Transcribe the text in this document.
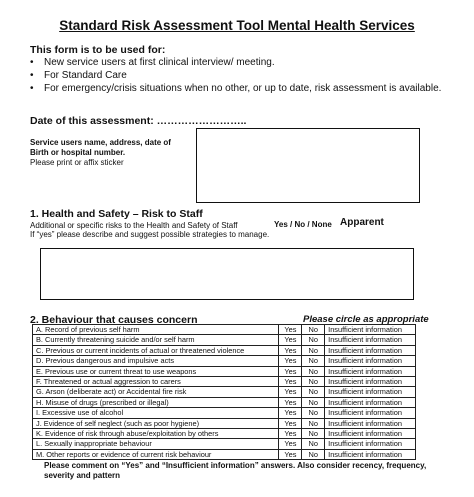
Standard Risk Assessment Tool Mental Health Services
This form is to be used for:
• New service users at first clinical interview/ meeting.
• For Standard Care
• For emergency/crisis situations when no other, or up to date, risk assessment is available.
Date of this assessment: ……………………..
Service users name, address, date of
Birth or hospital number.
Please print or affix sticker
1. Health and Safety – Risk to Staff
Additional or specific risks to the Health and Safety of Staff
If “yes” please describe and suggest possible strategies to manage.
Yes / No / None Apparent
2. Behaviour that causes concern	Please circle as appropriate
A. Record of previous self harm	Yes	No	Insufficient information
B. Currently threatening suicide and/or self harm	Yes	No	Insufficient information
C. Previous or current incidents of actual or threatened violence	Yes	No	Insufficient information
D. Previous dangerous and impulsive acts	Yes	No	Insufficient information
E. Previous use or current threat to use weapons	Yes	No	Insufficient information
F. Threatened or actual aggression to carers	Yes	No	Insufficient information
G. Arson (deliberate act) or Accidental fire risk	Yes	No	Insufficient information
H. Misuse of drugs (prescribed or illegal)	Yes	No	Insufficient information
I. Excessive use of alcohol	Yes	No	Insufficient information
J. Evidence of self neglect (such as poor hygiene)	Yes	No	Insufficient information
K. Evidence of risk through abuse/exploitation by others	Yes	No	Insufficient information
L. Sexually inappropriate behaviour	Yes	No	Insufficient information
M. Other reports or evidence of current risk behaviour	Yes	No	Insufficient information
Please comment on “Yes” and “Insufficient information” answers. Also consider recency, frequency,
severity and pattern
